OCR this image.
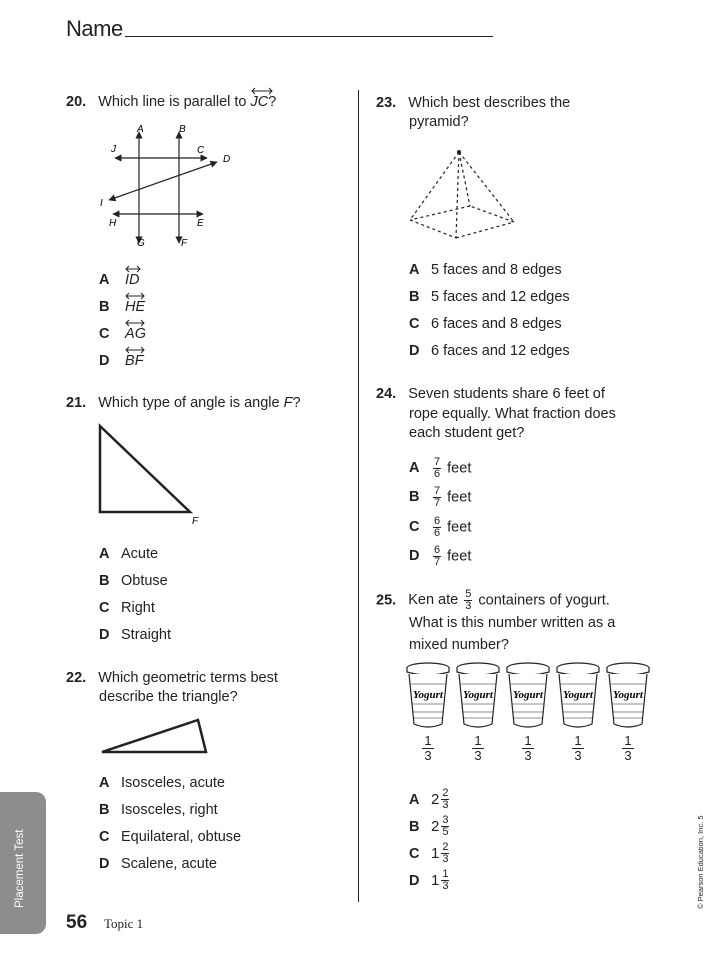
Name
20. Which line is parallel to JC?
A	B
C
D
E
F
G
H
I
J
A ID
B HE
C AG
D BF
21. Which type of angle is angle F?
F
A Acute
B Obtuse
C Right
D Straight
22. Which geometric terms best
describe the triangle?
A Isosceles, acute
B Isosceles, right
C Equilateral, obtuse
D Scalene, acute
23. Which best describes the
pyramid?
A 5 faces and 8 edges
B 5 faces and 12 edges
C 6 faces and 8 edges
D 6 faces and 12 edges
24. Seven students share 6 feet of
rope equally. What fraction does
each student get?
A $\frac{7}{6}$ feet
B $\frac{7}{7}$ feet
C $\frac{6}{6}$ feet
D $\frac{6}{7}$ feet
25. Ken ate $\frac{5}{3}$ containers of yogurt.
What is this number written as a
mixed number?
Yogurt
$\frac{1}{3}$
Yogurt
$\frac{1}{3}$
Yogurt
$\frac{1}{3}$
Yogurt
$\frac{1}{3}$
Yogurt
$\frac{1}{3}$
A $2 \frac{2}{3}$
B $2 \frac{3}{5}$
C $1 \frac{2}{3}$
D $1 \frac{1}{3}$
Placement Test
56 Topic 1
© Pearson Education, Inc. 5
